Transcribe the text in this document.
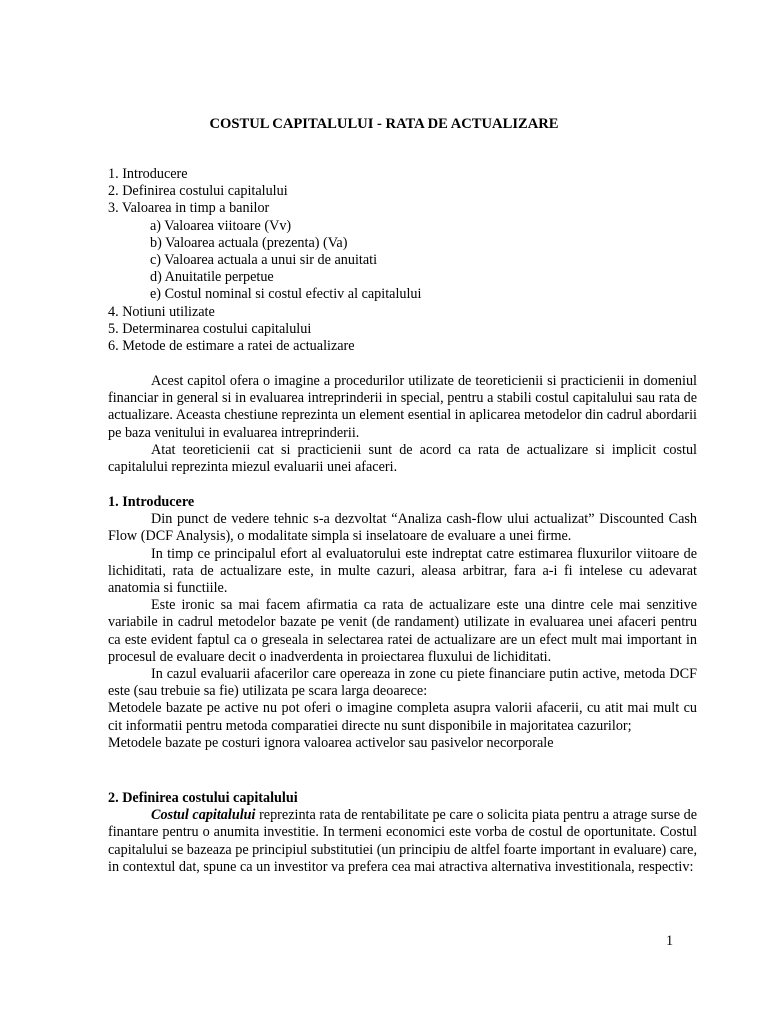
COSTUL CAPITALULUI - RATA DE ACTUALIZARE
1. Introducere
2. Definirea costului capitalului
3. Valoarea in timp a banilor
a) Valoarea viitoare (Vv)
b) Valoarea actuala (prezenta) (Va)
c) Valoarea actuala a unui sir de anuitati
d) Anuitatile perpetue
e) Costul nominal si costul efectiv al capitalului
4. Notiuni utilizate
5. Determinarea costului capitalului
6. Metode de estimare a ratei de actualizare

Acest capitol ofera o imagine a procedurilor utilizate de teoreticienii si practicienii in domeniul financiar in general si in evaluarea intreprinderii in special, pentru a stabili costul capitalului sau rata de actualizare. Aceasta chestiune reprezinta un element esential in aplicarea metodelor din cadrul abordarii pe baza venitului in evaluarea intreprinderii.

Atat teoreticienii cat si practicienii sunt de acord ca rata de actualizare si implicit costul capitalului reprezinta miezul evaluarii unei afaceri.

1. Introducere

Din punct de vedere tehnic s-a dezvoltat “Analiza cash-flow ului actualizat” Discounted Cash Flow (DCF Analysis), o modalitate simpla si inselatoare de evaluare a unei firme.

In timp ce principalul efort al evaluatorului este indreptat catre estimarea fluxurilor viitoare de lichiditati, rata de actualizare este, in multe cazuri, aleasa arbitrar, fara a-i fi intelese cu adevarat anatomia si functiile.

Este ironic sa mai facem afirmatia ca rata de actualizare este una dintre cele mai senzitive variabile in cadrul metodelor bazate pe venit (de randament) utilizate in evaluarea unei afaceri pentru ca este evident faptul ca o greseala in selectarea ratei de actualizare are un efect mult mai important in procesul de evaluare decit o inadverdenta in proiectarea fluxului de lichiditati.

In cazul evaluarii afacerilor care opereaza in zone cu piete financiare putin active, metoda DCF este (sau trebuie sa fie) utilizata pe scara larga deoarece:

Metodele bazate pe active nu pot oferi o imagine completa asupra valorii afacerii, cu atit mai mult cu cit informatii pentru metoda comparatiei directe nu sunt disponibile in majoritatea cazurilor;

Metodele bazate pe costuri ignora valoarea activelor sau pasivelor necorporale

2. Definirea costului capitalului

Costul capitalului reprezinta rata de rentabilitate pe care o solicita piata pentru a atrage surse de finantare pentru o anumita investitie. In termeni economici este vorba de costul de oportunitate. Costul capitalului se bazeaza pe principiul substitutiei (un principiu de altfel foarte important in evaluare) care, in contextul dat, spune ca un investitor va prefera cea mai atractiva alternativa investitionala, respectiv:

1
